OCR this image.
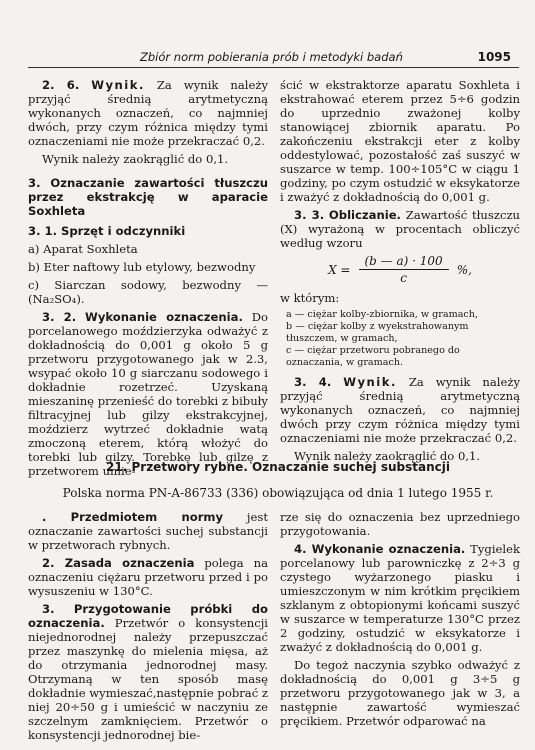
Zbiór norm pobierania prób i metodyki badań	1095

2. 6. Wynik. Za wynik należy przyjąć średnią arytmetyczną wykonanych oznaczeń, co najmniej dwóch, przy czym różnica między tymi oznaczeniami nie może przekraczać 0,2.

Wynik należy zaokrąglić do 0,1.

3. Oznaczanie zawartości tłuszczu przez ekstrakcję w aparacie Soxhleta

3. 1. Sprzęt i odczynniki

a) Aparat Soxhleta

b) Eter naftowy lub etylowy, bezwodny

c) Siarczan sodowy, bezwodny — (Na₂SO₄).

3. 2. Wykonanie oznaczenia. Do porcelanowego moździerzyka odważyć z dokładnością do 0,001 g około 5 g przetworu przygotowanego jak w 2.3, wsypać około 10 g siarczanu sodowego i dokładnie rozetrzeć. Uzyskaną mieszaninę przenieść do torebki z bibuły filtracyjnej lub gilzy ekstrakcyjnej, moździerz wytrzeć dokładnie watą zmoczoną eterem, którą włożyć do torebki lub gilzy. Torebkę lub gilzę z przetworem umie-

ścić w ekstraktorze aparatu Soxhleta i ekstrahować eterem przez 5÷6 godzin do uprzednio zważonej kolby stanowiącej zbiornik aparatu. Po zakończeniu ekstrakcji eter z kolby oddestylować, pozostałość zaś suszyć w suszarce w temp. 100÷105°C w ciągu 1 godziny, po czym ostudzić w eksykatorze i zważyć z dokładnością do 0,001 g.

3. 3. Obliczanie. Zawartość tłuszczu (X) wyrażoną w procentach obliczyć według wzoru

$X = \frac{(b — a) \cdot 100}{c}$ %,

w którym:

a — ciężar kolby-zbiornika, w gramach,
b — ciężar kolby z wyekstrahowanym
tłuszczem, w gramach,
c — ciężar przetworu pobranego do
oznaczania, w gramach.

3. 4. Wynik. Za wynik należy przyjąć średnią arytmetyczną wykonanych oznaczeń, co najmniej dwóch przy czym różnica między tymi oznaczeniami nie może przekraczać 0,2.

Wynik należy zaokrąglić do 0,1.

21. Przetwory rybne. Oznaczanie suchej substancji
Polska norma PN-A-86733 (336) obowiązująca od dnia 1 lutego 1955 r.

. Przedmiotem normy jest oznaczanie zawartości suchej substancji w przetworach rybnych.

2. Zasada oznaczenia polega na oznaczeniu ciężaru przetworu przed i po wysuszeniu w 130°C.

3. Przygotowanie próbki do oznaczenia. Przetwór o konsystencji niejednorodnej należy przepuszczać przez maszynkę do mielenia mięsa, aż do otrzymania jednorodnej masy. Otrzymaną w ten sposób masę dokładnie wymieszać,następnie pobrać z niej 20÷50 g i umieścić w naczyniu ze szczelnym zamknięciem. Przetwór o konsystencji jednorodnej bie-

rze się do oznaczenia bez uprzedniego przygotowania.

4. Wykonanie oznaczenia. Tygielek porcelanowy lub parowniczkę z 2÷3 g czystego wyżarzonego piasku i umieszczonym w nim krótkim prę̨cikiem szklanym z obtopionymi końcami suszyć w suszarce w temperaturze 130°C przez 2 godziny, ostudzić w eksykatorze i zważyć z dokładnością do 0,001 g.

Do tegoż naczynia szybko odważyć z dokładnością do 0,001 g 3÷5 g przetworu przygotowanego jak w 3, a następnie zawartość wymieszać prę̨cikiem. Przetwór odparować na
